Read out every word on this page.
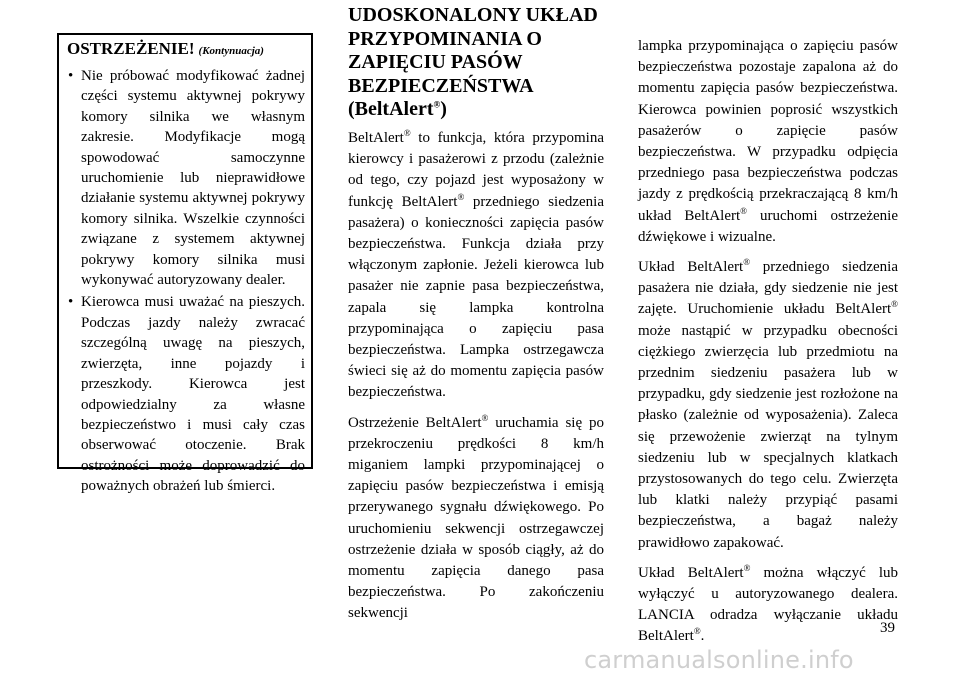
OSTRZEŻENIE! (Kontynuacja)

• Nie próbować modyfikować żadnej części systemu aktywnej pokrywy komory silnika we własnym zakresie. Modyfikacje mogą spowodować samoczynne uruchomienie lub nieprawidłowe działanie systemu aktywnej pokrywy komory silnika. Wszelkie czynności związane z systemem aktywnej pokrywy komory silnika musi wykonywać autoryzowany dealer.

• Kierowca musi uważać na pieszych. Podczas jazdy należy zwracać szczególną uwagę na pieszych, zwierzęta, inne pojazdy i przeszkody. Kierowca jest odpowiedzialny za własne bezpieczeństwo i musi cały czas obserwować otoczenie. Brak ostrożności może doprowadzić do poważnych obrażeń lub śmierci.

UDOSKONALONY UKŁAD PRZYPOMINANIA O ZAPIĘCIU PASÓW BEZPIECZEŃSTWA
(BeltAlert®)

BeltAlert® to funkcja, która przypomina kierowcy i pasażerowi z przodu (zależnie od tego, czy pojazd jest wyposażony w funkcję BeltAlert® przedniego siedzenia pasażera) o konieczności zapięcia pasów bezpieczeństwa. Funkcja działa przy włączonym zapłonie. Jeżeli kierowca lub pasażer nie zapnie pasa bezpieczeństwa, zapala się lampka kontrolna przypominająca o zapięciu pasa bezpieczeństwa. Lampka ostrzegawcza świeci się aż do momentu zapięcia pasów bezpieczeństwa.

Ostrzeżenie BeltAlert® uruchamia się po przekroczeniu prędkości 8 km/h miganiem lampki przypominającej o zapięciu pasów bezpieczeństwa i emisją przerywanego sygnału dźwiękowego. Po uruchomieniu sekwencji ostrzegawczej ostrzeżenie działa w sposób ciągły, aż do momentu zapięcia danego pasa bezpieczeństwa. Po zakończeniu sekwencji

lampka przypominająca o zapięciu pasów bezpieczeństwa pozostaje zapalona aż do momentu zapięcia pasów bezpieczeństwa. Kierowca powinien poprosić wszystkich pasażerów o zapięcie pasów bezpieczeństwa. W przypadku odpięcia przedniego pasa bezpieczeństwa podczas jazdy z prędkością przekraczającą 8 km/h układ BeltAlert® uruchomi ostrzeżenie dźwiękowe i wizualne.

Układ BeltAlert® przedniego siedzenia pasażera nie działa, gdy siedzenie nie jest zajęte. Uruchomienie układu BeltAlert® może nastąpić w przypadku obecności ciężkiego zwierzęcia lub przedmiotu na przednim siedzeniu pasażera lub w przypadku, gdy siedzenie jest rozłożone na płasko (zależnie od wyposażenia). Zaleca się przewożenie zwierząt na tylnym siedzeniu lub w specjalnych klatkach przystosowanych do tego celu. Zwierzęta lub klatki należy przypiąć pasami bezpieczeństwa, a bagaż należy prawidłowo zapakować.

Układ BeltAlert® można włączyć lub wyłączyć u autoryzowanego dealera. LANCIA odradza wyłączanie układu BeltAlert®.

39
carmanualsonline.info
